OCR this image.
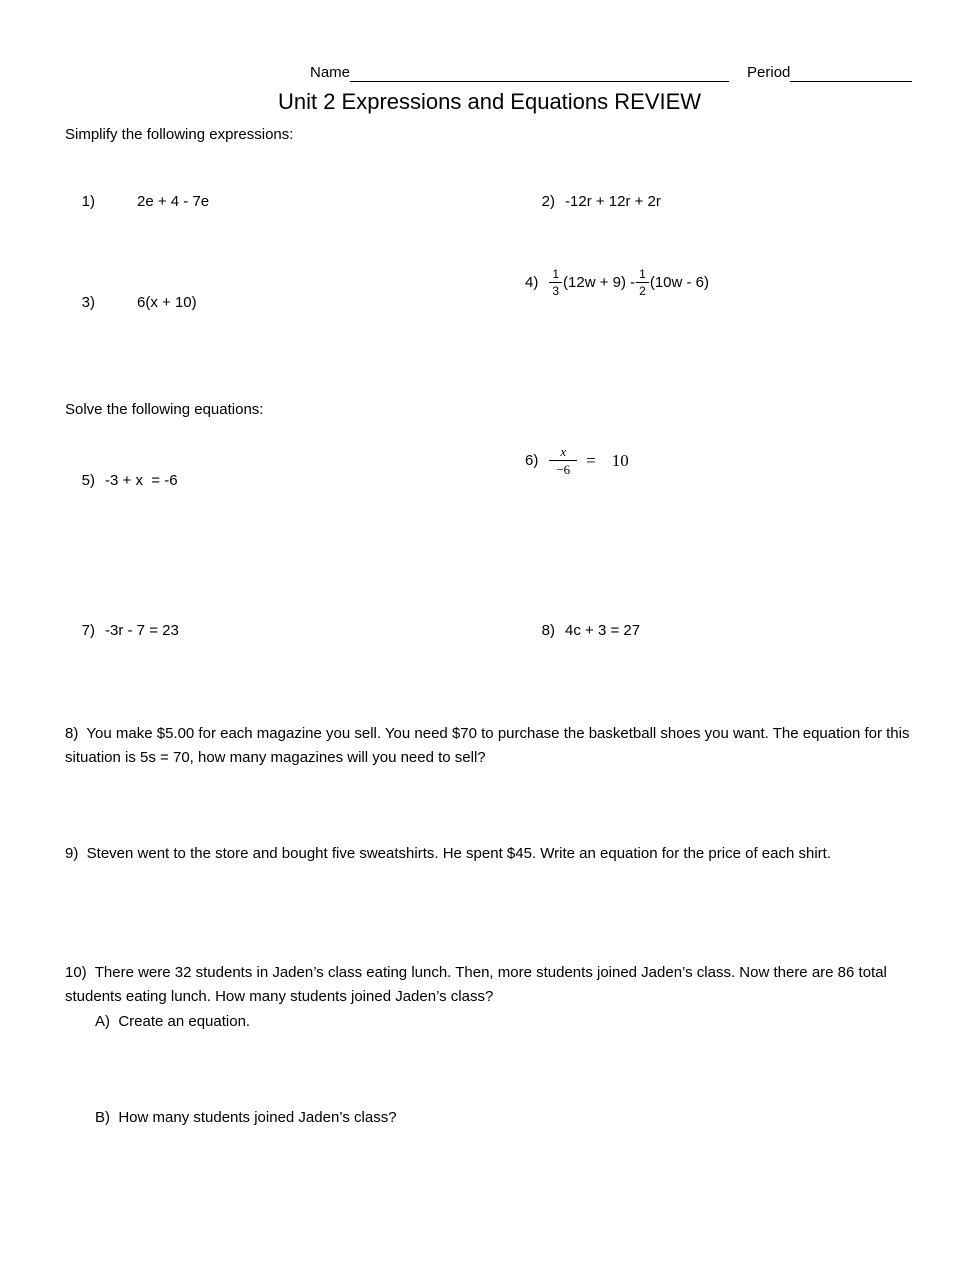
Name	Period
Unit 2 Expressions and Equations REVIEW
Simplify the following expressions:

1)	2e + 4 - 7e
	2) -12r + 12r + 2r

3)	6(x + 10)

$4) \frac{1}{3} (12w + 9) - \frac{1}{2} (10w - 6)$
Solve the following equations:

5) -3 + x  = -6

$6) \frac{x}{-6} = 10$

7) -3r - 7 = 23
	8) 4c + 3 = 27

8)  You make $5.00 for each magazine you sell. You need $70 to purchase the basketball shoes you want. The equation for this situation is 5s = 70, how many magazines will you need to sell?
9)  Steven went to the store and bought five sweatshirts. He spent $45. Write an equation for the price of each shirt.
10)  There were 32 students in Jaden’s class eating lunch. Then, more students joined Jaden’s class. Now there are 86 total students eating lunch. How many students joined Jaden’s class?
A)  Create an equation.
B)  How many students joined Jaden’s class?
